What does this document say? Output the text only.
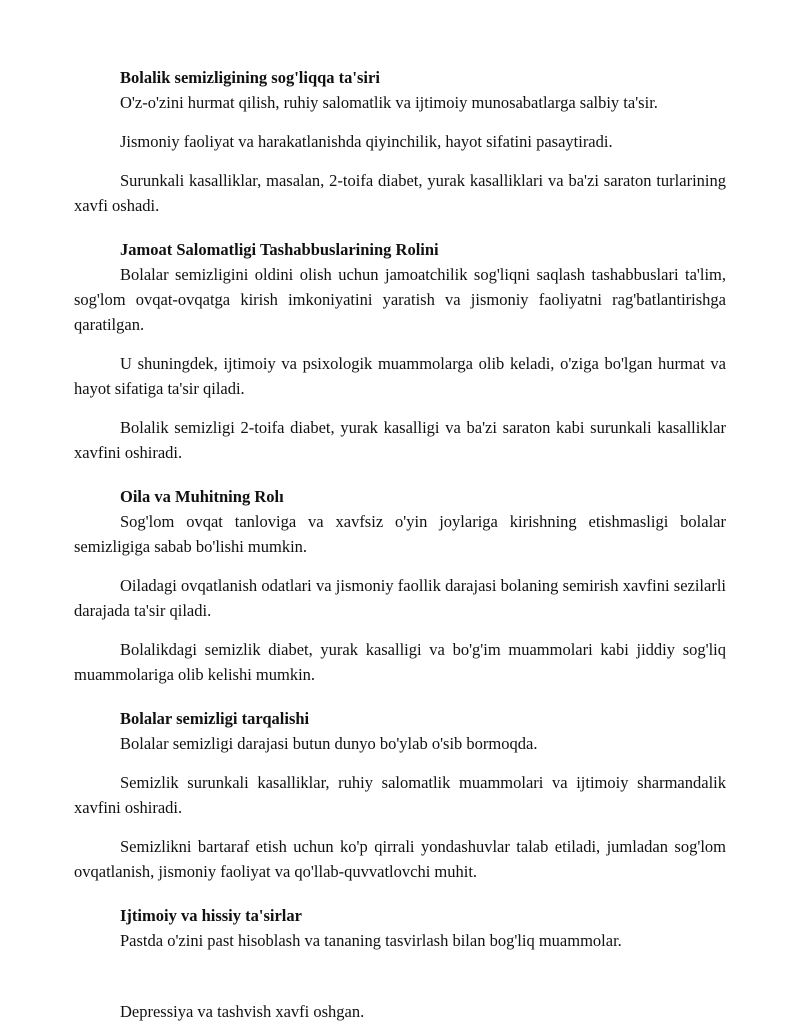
Bolalik semizligining sog'liqqa ta'siri

O'z-o'zini hurmat qilish, ruhiy salomatlik va ijtimoiy munosabatlarga salbiy ta'sir.

Jismoniy faoliyat va harakatlanishda qiyinchilik, hayot sifatini pasaytiradi.

Surunkali kasalliklar, masalan, 2-toifa diabet, yurak kasalliklari va ba'zi saraton turlarining xavfi oshadi.

Jamoat Salomatligi Tashabbuslarining Rolini

Bolalar semizligini oldini olish uchun jamoatchilik sog'liqni saqlash tashabbuslari ta'lim, sog'lom ovqat-ovqatga kirish imkoniyatini yaratish va jismoniy faoliyatni rag'batlantirishga qaratilgan.

U shuningdek, ijtimoiy va psixologik muammolarga olib keladi, o'ziga bo'lgan hurmat va hayot sifatiga ta'sir qiladi.

Bolalik semizligi 2-toifa diabet, yurak kasalligi va ba'zi saraton kabi surunkali kasalliklar xavfini oshiradi.

Oila va Muhitning Rolı

Sog'lom ovqat tanloviga va xavfsiz o'yin joylariga kirishning etishmasligi bolalar semizligiga sabab bo'lishi mumkin.

Oiladagi ovqatlanish odatlari va jismoniy faollik darajasi bolaning semirish xavfini sezilarli darajada ta'sir qiladi.

Bolalikdagi semizlik diabet, yurak kasalligi va bo'g'im muammolari kabi jiddiy sog'liq muammolariga olib kelishi mumkin.

Bolalar semizligi tarqalishi

Bolalar semizligi darajasi butun dunyo bo'ylab o'sib bormoqda.

Semizlik surunkali kasalliklar, ruhiy salomatlik muammolari va ijtimoiy sharmandalik xavfini oshiradi.

Semizlikni bartaraf etish uchun ko'p qirrali yondashuvlar talab etiladi, jumladan sog'lom ovqatlanish, jismoniy faoliyat va qo'llab-quvvatlovchi muhit.

Ijtimoiy va hissiy ta'sirlar

Pastda o'zini past hisoblash va tananing tasvirlash bilan bog'liq muammolar.

Depressiya va tashvish xavfi oshgan.
